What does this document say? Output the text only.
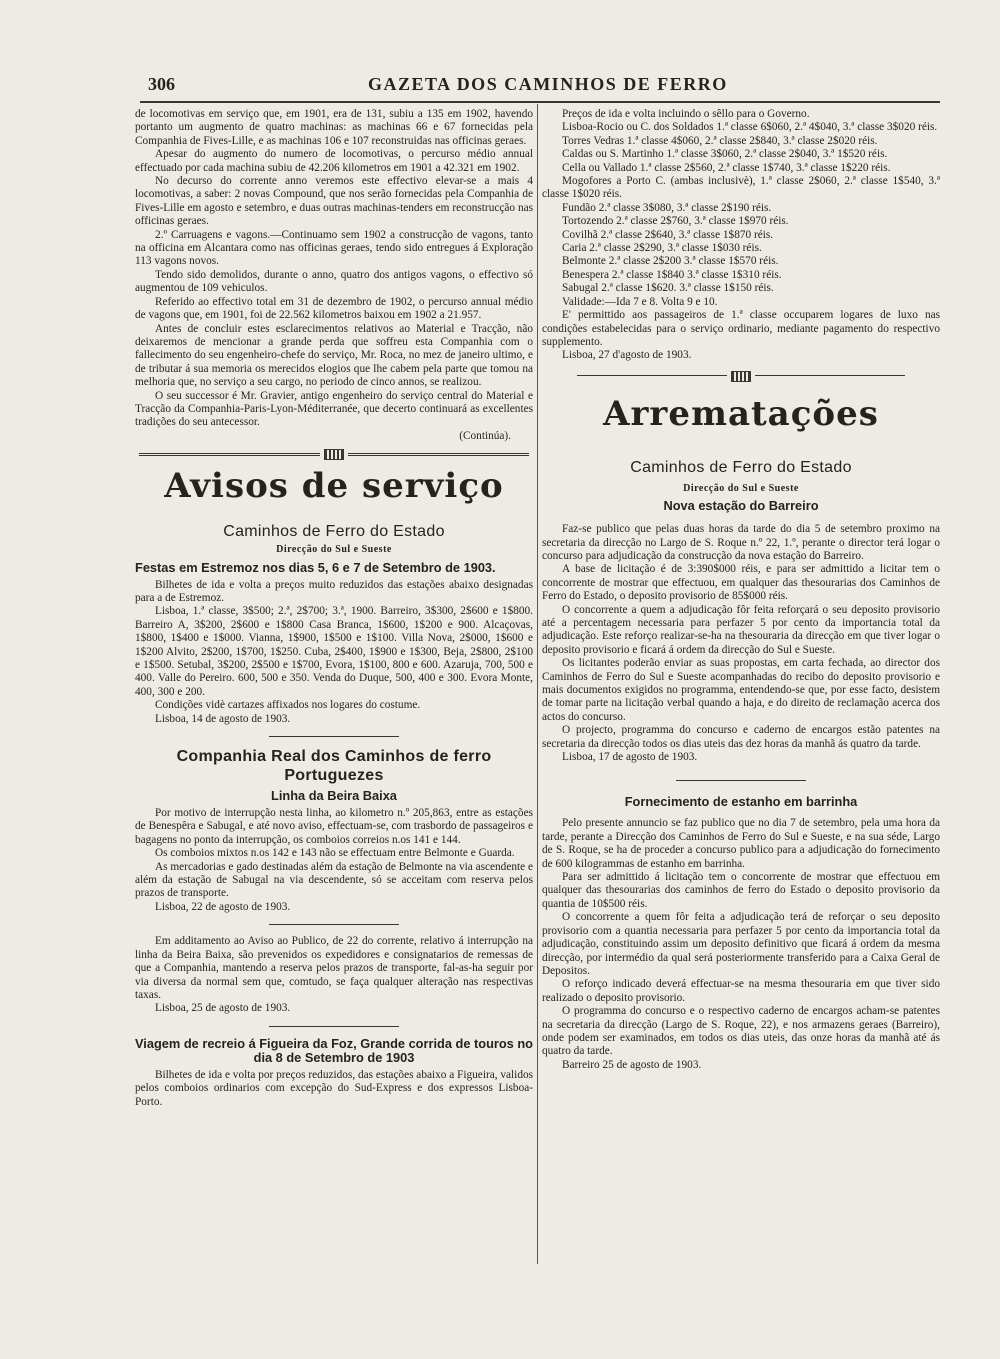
306	GAZETA DOS CAMINHOS DE FERRO

de locomotivas em serviço que, em 1901, era de 131, subiu a 135 em 1902, havendo portanto um augmento de quatro machinas: as machinas 66 e 67 fornecidas pela Companhia de Fives-Lille, e as machinas 106 e 107 reconstruidas nas officinas geraes.

Apesar do augmento do numero de locomotivas, o percurso médio annual effectuado por cada machina subiu de 42.206 kilometros em 1901 a 42.321 em 1902.

No decurso do corrente anno veremos este effectivo elevar-se a mais 4 locomotivas, a saber: 2 novas Compound, que nos serão fornecidas pela Companhia de Fives-Lille em agosto e setembro, e duas outras machinas-tenders em reconstrucção nas officinas geraes.

2.º Carruagens e vagons.—Continuamo sem 1902 a construcção de vagons, tanto na officina em Alcantara como nas officinas geraes, tendo sido entregues á Exploração 113 vagons novos.

Tendo sido demolidos, durante o anno, quatro dos antigos vagons, o effectivo só augmentou de 109 vehiculos.

Referido ao effectivo total em 31 de dezembro de 1902, o percurso annual médio de vagons que, em 1901, foi de 22.562 kilometros baixou em 1902 a 21.957.

Antes de concluir estes esclarecimentos relativos ao Material e Tracção, não deixaremos de mencionar a grande perda que soffreu esta Companhia com o fallecimento do seu engenheiro-chefe do serviço, Mr. Roca, no mez de janeiro ultimo, e de tributar á sua memoria os merecidos elogios que lhe cabem pela parte que tomou na melhoria que, no serviço a seu cargo, no periodo de cinco annos, se realizou.

O seu successor é Mr. Gravier, antigo engenheiro do serviço central do Material e Tracção da Companhia-Paris-Lyon-Méditerranée, que decerto continuará as excellentes tradições do seu antecessor.

(Continúa).

Avisos de serviço
Caminhos de Ferro do Estado
Direcção do Sul e Sueste
Festas em Estremoz nos dias 5, 6 e 7 de Setembro de 1903.

Bilhetes de ida e volta a preços muito reduzidos das estações abaixo designadas para a de Estremoz.

Lisboa, 1.ª classe, 3$500; 2.ª, 2$700; 3.ª, 1900. Barreiro, 3$300, 2$600 e 1$800. Barreiro A, 3$200, 2$600 e 1$800 Casa Branca, 1$600, 1$200 e 900. Alcaçovas, 1$800, 1$400 e 1$000. Vianna, 1$900, 1$500 e 1$100. Villa Nova, 2$000, 1$600 e 1$200 Alvito, 2$200, 1$700, 1$250. Cuba, 2$400, 1$900 e 1$300, Beja, 2$800, 2$100 e 1$500. Setubal, 3$200, 2$500 e 1$700, Evora, 1$100, 800 e 600. Azaruja, 700, 500 e 400. Valle do Pereiro. 600, 500 e 350. Venda do Duque, 500, 400 e 300. Evora Monte, 400, 300 e 200.

Condições vidè cartazes affixados nos logares do costume.

Lisboa, 14 de agosto de 1903.

Companhia Real dos Caminhos de ferro Portuguezes
Linha da Beira Baixa

Por motivo de interrupção nesta linha, ao kilometro n.º 205,863, entre as estações de Benespêra e Sabugal, e até novo aviso, effectuam-se, com trasbordo de passageiros e bagagens no ponto da interrupção, os comboios correios n.os 141 e 144.

Os comboios mixtos n.os 142 e 143 não se effectuam entre Belmonte e Guarda.

As mercadorias e gado destinadas além da estação de Belmonte na via ascendente e além da estação de Sabugal na via descendente, só se acceitam com reserva pelos prazos de transporte.

Lisboa, 22 de agosto de 1903.

Em additamento ao Aviso ao Publico, de 22 do corrente, relativo á interrupção na linha da Beira Baixa, são prevenidos os expedidores e consignatarios de remessas de que a Companhia, mantendo a reserva pelos prazos de transporte, fal-as-ha seguir por via diversa da normal sem que, comtudo, se faça qualquer alteração nas respectivas taxas.

Lisboa, 25 de agosto de 1903.

Viagem de recreio á Figueira da Foz, Grande corrida de touros no dia 8 de Setembro de 1903

Bilhetes de ida e volta por preços reduzidos, das estações abaixo a Figueira, validos pelos comboios ordinarios com excepção do Sud-Express e dos expressos Lisboa-Porto.

Preços de ida e volta incluindo o sêllo para o Governo.

Lisboa-Rocio ou C. dos Soldados 1.ª classe 6$060, 2.ª 4$040, 3.ª classe 3$020 réis.

Torres Vedras 1.ª classe 4$060, 2.ª classe 2$840, 3.ª classe 2$020 réis.

Caldas ou S. Martinho 1.ª classe 3$060, 2.ª classe 2$040, 3.ª 1$520 réis.

Cella ou Vallado 1.ª classe 2$560, 2.ª classe 1$740, 3.ª classe 1$220 réis.

Mogofores a Porto C. (ambas inclusivè), 1.ª classe 2$060, 2.ª classe 1$540, 3.ª classe 1$020 réis.

Fundão 2.ª classe 3$080, 3.ª classe 2$190 réis.

Tortozendo 2.ª classe 2$760, 3.ª classe 1$970 réis.

Covilhã 2.ª classe 2$640, 3.ª classe 1$870 réis.

Caria 2.ª classe 2$290, 3.ª classe 1$030 réis.

Belmonte 2.ª classe 2$200 3.ª classe 1$570 réis.

Benespera 2.ª classe 1$840 3.ª classe 1$310 réis.

Sabugal 2.ª classe 1$620. 3.ª classe 1$150 réis.

Validade:—Ida 7 e 8. Volta 9 e 10.

E' permittido aos passageiros de 1.ª classe occuparem logares de luxo nas condições estabelecidas para o serviço ordinario, mediante pagamento do respectivo supplemento.

Lisboa, 27 d'agosto de 1903.

Arrematações
Caminhos de Ferro do Estado
Direcção do Sul e Sueste
Nova estação do Barreiro

Faz-se publico que pelas duas horas da tarde do dia 5 de setembro proximo na secretaria da direcção no Largo de S. Roque n.º 22, 1.º, perante o director terá logar o concurso para adjudicação da construcção da nova estação do Barreiro.

A base de licitação é de 3:390$000 réis, e para ser admittido a licitar tem o concorrente de mostrar que effectuou, em qualquer das thesourarias dos Caminhos de Ferro do Estado, o deposito provisorio de 85$000 réis.

O concorrente a quem a adjudicação fôr feita reforçará o seu deposito provisorio até a percentagem necessaria para perfazer 5 por cento da importancia total da adjudicação. Este reforço realizar-se-ha na thesouraria da direcção em que tiver logar o deposito provisorio e ficará á ordem da direcção do Sul e Sueste.

Os licitantes poderão enviar as suas propostas, em carta fechada, ao director dos Caminhos de Ferro do Sul e Sueste acompanhadas do recibo do deposito provisorio e mais documentos exigidos no programma, entendendo-se que, por esse facto, desistem de tomar parte na licitação verbal quando a haja, e do direito de reclamação acerca dos actos do concurso.

O projecto, programma do concurso e caderno de encargos estão patentes na secretaria da direcção todos os dias uteis das dez horas da manhã ás quatro da tarde.

Lisboa, 17 de agosto de 1903.

Fornecimento de estanho em barrinha

Pelo presente annuncio se faz publico que no dia 7 de setembro, pela uma hora da tarde, perante a Direcção dos Caminhos de Ferro do Sul e Sueste, e na sua séde, Largo de S. Roque, se ha de proceder a concurso publico para a adjudicação do fornecimento de 600 kilogrammas de estanho em barrinha.

Para ser admittido á licitação tem o concorrente de mostrar que effectuou em qualquer das thesourarias dos caminhos de ferro do Estado o deposito provisorio da quantia de 10$500 réis.

O concorrente a quem fôr feita a adjudicação terá de reforçar o seu deposito provisorio com a quantia necessaria para perfazer 5 por cento da importancia total da adjudicação, constituindo assim um deposito definitivo que ficará á ordem da mesma direcção, por intermédio da qual será posteriormente transferido para a Caixa Geral de Depositos.

O reforço indicado deverá effectuar-se na mesma thesouraria em que tiver sido realizado o deposito provisorio.

O programma do concurso e o respectivo caderno de encargos acham-se patentes na secretaria da direcção (Largo de S. Roque, 22), e nos armazens geraes (Barreiro), onde podem ser examinados, em todos os dias uteis, das onze horas da manhã até ás quatro da tarde.

Barreiro 25 de agosto de 1903.
